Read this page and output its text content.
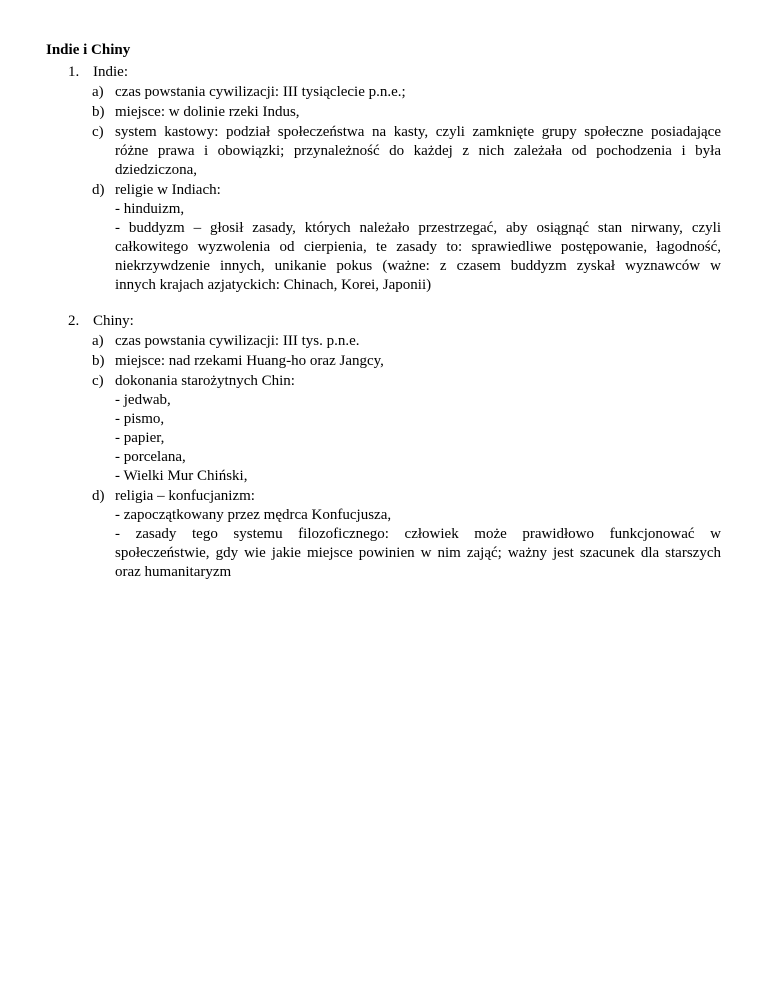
Indie i Chiny
1. Indie:
a) czas powstania cywilizacji: III tysiąclecie p.n.e.;
b) miejsce: w dolinie rzeki Indus,
c) system kastowy: podział społeczeństwa na kasty, czyli zamknięte grupy społeczne posiadające
różne prawa i obowiązki; przynależność do każdej z nich zależała od pochodzenia i była
dziedziczona,
d) religie w Indiach:
- hinduizm,
- buddyzm – głosił zasady, których należało przestrzegać, aby osiągnąć stan nirwany, czyli
całkowitego wyzwolenia od cierpienia, te zasady to: sprawiedliwe postępowanie, łagodność,
niekrzywdzenie innych, unikanie pokus (ważne: z czasem buddyzm zyskał wyznawców w
innych krajach azjatyckich: Chinach, Korei, Japonii)
2. Chiny:
a) czas powstania cywilizacji: III tys. p.n.e.
b) miejsce: nad rzekami Huang-ho oraz Jangcy,
c) dokonania starożytnych Chin:
- jedwab,
- pismo,
- papier,
- porcelana,
- Wielki Mur Chiński,
d) religia – konfucjanizm:
- zapoczątkowany przez mędrca Konfucjusza,
- zasady tego systemu filozoficznego: człowiek może prawidłowo funkcjonować w
społeczeństwie, gdy wie jakie miejsce powinien w nim zająć; ważny jest szacunek dla starszych
oraz humanitaryzm
